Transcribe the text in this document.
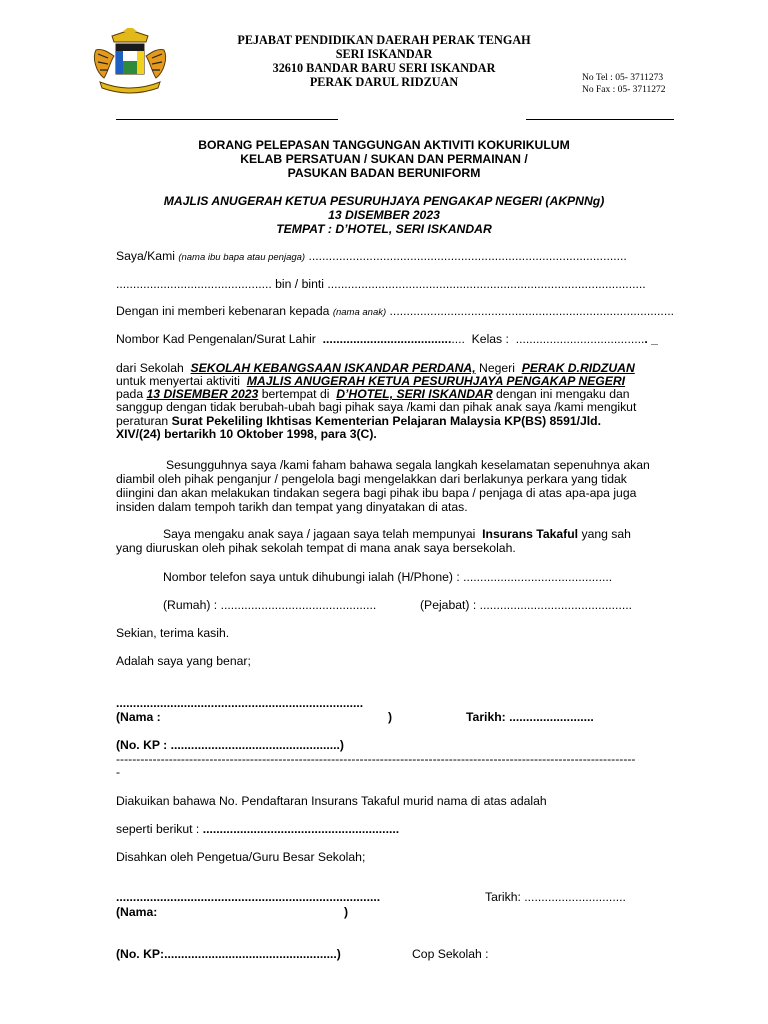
PEJABAT PENDIDIKAN DAERAH PERAK TENGAH
SERI ISKANDAR
32610 BANDAR BARU SERI ISKANDAR
PERAK DARUL RIDZUAN	No Tel : 05- 3711273
No Fax : 05- 3711272
BORANG PELEPASAN TANGGUNGAN AKTIVITI KOKURIKULUM
KELAB PERSATUAN / SUKAN DAN PERMAINAN /
PASUKAN BADAN BERUNIFORM
MAJLIS ANUGERAH KETUA PESURUHJAYA PENGAKAP NEGERI (AKPNNg)
13 DISEMBER 2023
TEMPAT : D’HOTEL, SERI ISKANDAR
Saya/Kami (nama ibu bapa atau penjaga) ..............................................................................................
.............................................. bin / binti ..............................................................................................
Dengan ini memberi kebenaran kepada (nama anak) ....................................................................................
Nombor Kad Pengenalan/Surat Lahir .......................................... Kelas : ....................................... _
dari Sekolah SEKOLAH KEBANGSAAN ISKANDAR PERDANA, Negeri PERAK D.RIDZUAN
untuk menyertai aktiviti MAJLIS ANUGERAH KETUA PESURUHJAYA PENGAKAP NEGERI
pada 13 DISEMBER 2023 bertempat di D’HOTEL, SERI ISKANDAR dengan ini mengaku dan
sanggup dengan tidak berubah-ubah bagi pihak saya /kami dan pihak anak saya /kami mengikut
peraturan Surat Pekeliling Ikhtisas Kementerian Pelajaran Malaysia KP(BS) 8591/Jld.
XIV/(24) bertarikh 10 Oktober 1998, para 3(C).
Sesungguhnya saya /kami faham bahawa segala langkah keselamatan sepenuhnya akan
diambil oleh pihak penganjur / pengelola bagi mengelakkan dari berlakunya perkara yang tidak
diingini dan akan melakukan tindakan segera bagi pihak ibu bapa / penjaga di atas apa-apa juga
insiden dalam tempoh tarikh dan tempat yang dinyatakan di atas.
Saya mengaku anak saya / jagaan saya telah mempunyai Insurans Takaful yang sah
yang diuruskan oleh pihak sekolah tempat di mana anak saya bersekolah.
Nombor telefon saya untuk dihubungi ialah (H/Phone) : ............................................
(Rumah) : ..............................................	(Pejabat) : .............................................
Sekian, terima kasih.
Adalah saya yang benar;
.........................................................................
(Nama :	)	Tarikh: .........................
(No. KP : ..................................................)
--------------------------------------------------------------------------------------------------------------------------------
-
Diakuikan bahawa No. Pendaftaran Insurans Takaful murid nama di atas adalah
seperti berikut : ..........................................................
Disahkan oleh Pengetua/Guru Besar Sekolah;
..............................................................................	Tarikh: ..............................
(Nama:	)
(No. KP:...................................................)	Cop Sekolah :
